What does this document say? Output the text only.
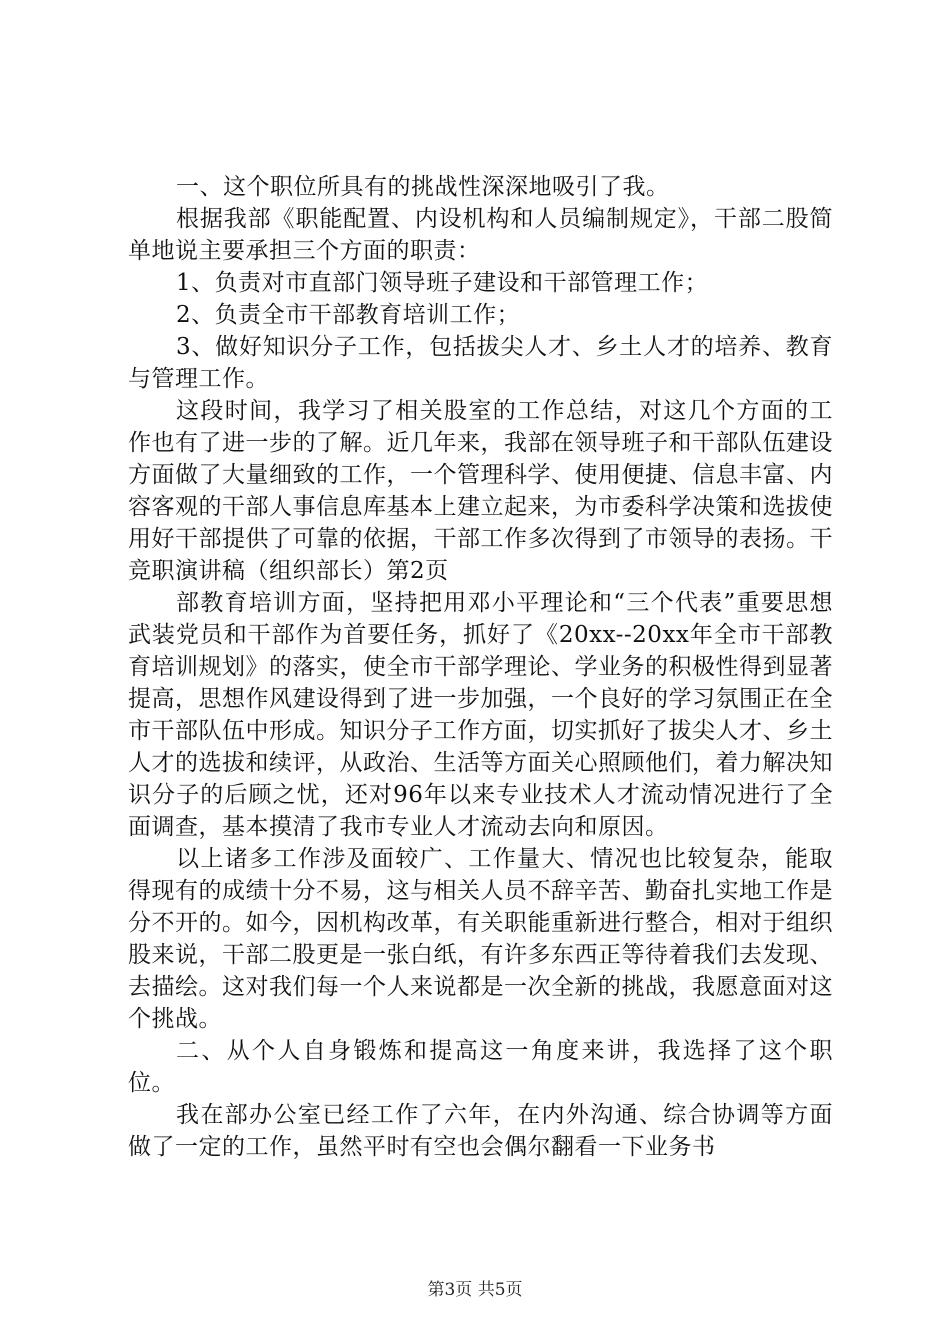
一、这个职位所具有的挑战性深深地吸引了我。

根据我部《职能配置、内设机构和人员编制规定》，干部二股简单地说主要承担三个方面的职责：

1、负责对市直部门领导班子建设和干部管理工作；

2、负责全市干部教育培训工作；

3、做好知识分子工作，包括拔尖人才、乡土人才的培养、教育与管理工作。

这段时间，我学习了相关股室的工作总结，对这几个方面的工作也有了进一步的了解。近几年来，我部在领导班子和干部队伍建设方面做了大量细致的工作，一个管理科学、使用便捷、信息丰富、内容客观的干部人事信息库基本上建立起来，为市委科学决策和选拔使用好干部提供了可靠的依据，干部工作多次得到了市领导的表扬。干竞职演讲稿（组织部长）第2页

部教育培训方面，坚持把用邓小平理论和“三个代表”重要思想武装党员和干部作为首要任务，抓好了《20xx--20xx年全市干部教育培训规划》的落实，使全市干部学理论、学业务的积极性得到显著提高，思想作风建设得到了进一步加强，一个良好的学习氛围正在全市干部队伍中形成。知识分子工作方面，切实抓好了拔尖人才、乡土人才的选拔和续评，从政治、生活等方面关心照顾他们，着力解决知识分子的后顾之忧，还对96年以来专业技术人才流动情况进行了全面调查，基本摸清了我市专业人才流动去向和原因。

以上诸多工作涉及面较广、工作量大、情况也比较复杂，能取得现有的成绩十分不易，这与相关人员不辞辛苦、勤奋扎实地工作是分不开的。如今，因机构改革，有关职能重新进行整合，相对于组织股来说，干部二股更是一张白纸，有许多东西正等待着我们去发现、去描绘。这对我们每一个人来说都是一次全新的挑战，我愿意面对这个挑战。

二、从个人自身锻炼和提高这一角度来讲，我选择了这个职位。

我在部办公室已经工作了六年，在内外沟通、综合协调等方面做了一定的工作，虽然平时有空也会偶尔翻看一下业务书

第3页 共5页
